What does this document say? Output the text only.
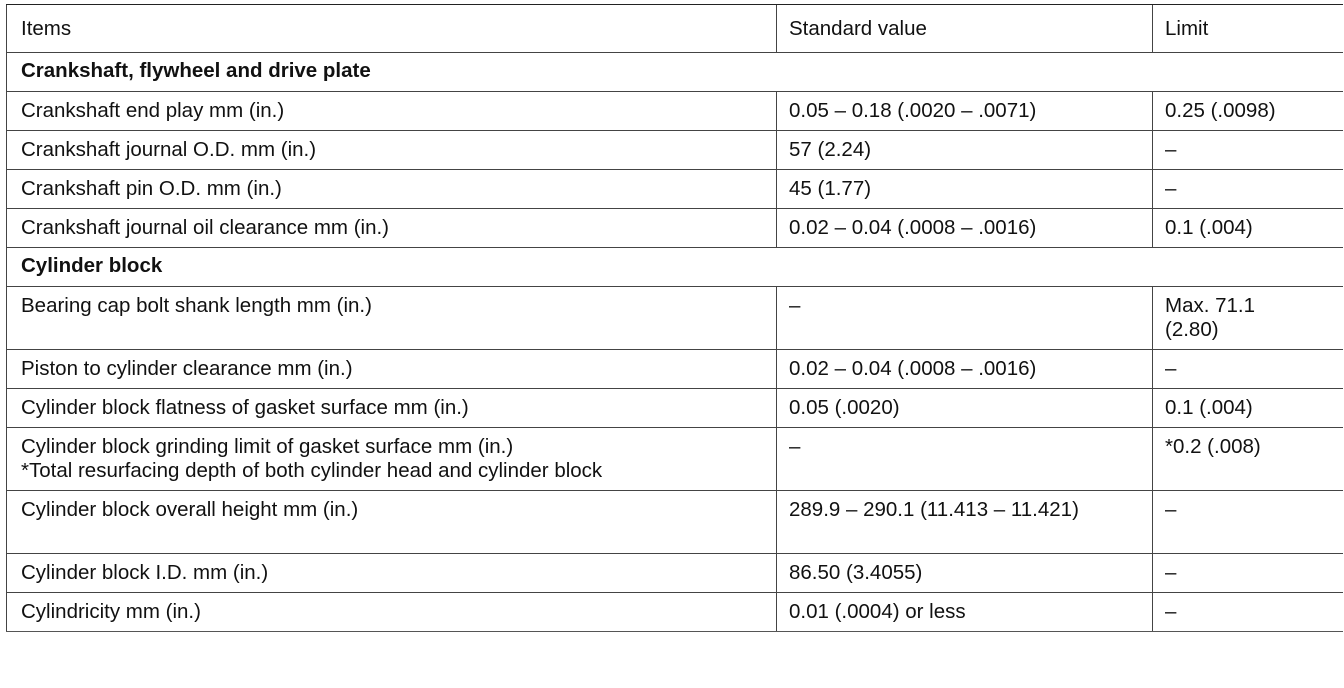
Items	Standard value	Limit
Crankshaft, flywheel and drive plate		
Crankshaft end play mm (in.)	0.05 – 0.18 (.0020 – .0071)	0.25 (.0098)
Crankshaft journal O.D. mm (in.)	57 (2.24)	–
Crankshaft pin O.D. mm (in.)	45 (1.77)	–
Crankshaft journal oil clearance mm (in.)	0.02 – 0.04 (.0008 – .0016)	0.1 (.004)
Cylinder block		
Bearing cap bolt shank length mm (in.)	–	Max. 71.1
(2.80)

Piston to cylinder clearance mm (in.)	0.02 – 0.04 (.0008 – .0016)	–
Cylinder block flatness of gasket surface mm (in.)	0.05 (.0020)	0.1 (.004)

Cylinder block grinding limit of gasket surface mm (in.)
*Total resurfacing depth of both cylinder head and cylinder block	–	*0.2 (.008)
Cylinder block overall height mm (in.)	289.9 – 290.1 (11.413 – 11.421)	–
Cylinder block I.D. mm (in.)	86.50 (3.4055)	–
Cylindricity mm (in.)	0.01 (.0004) or less	–
